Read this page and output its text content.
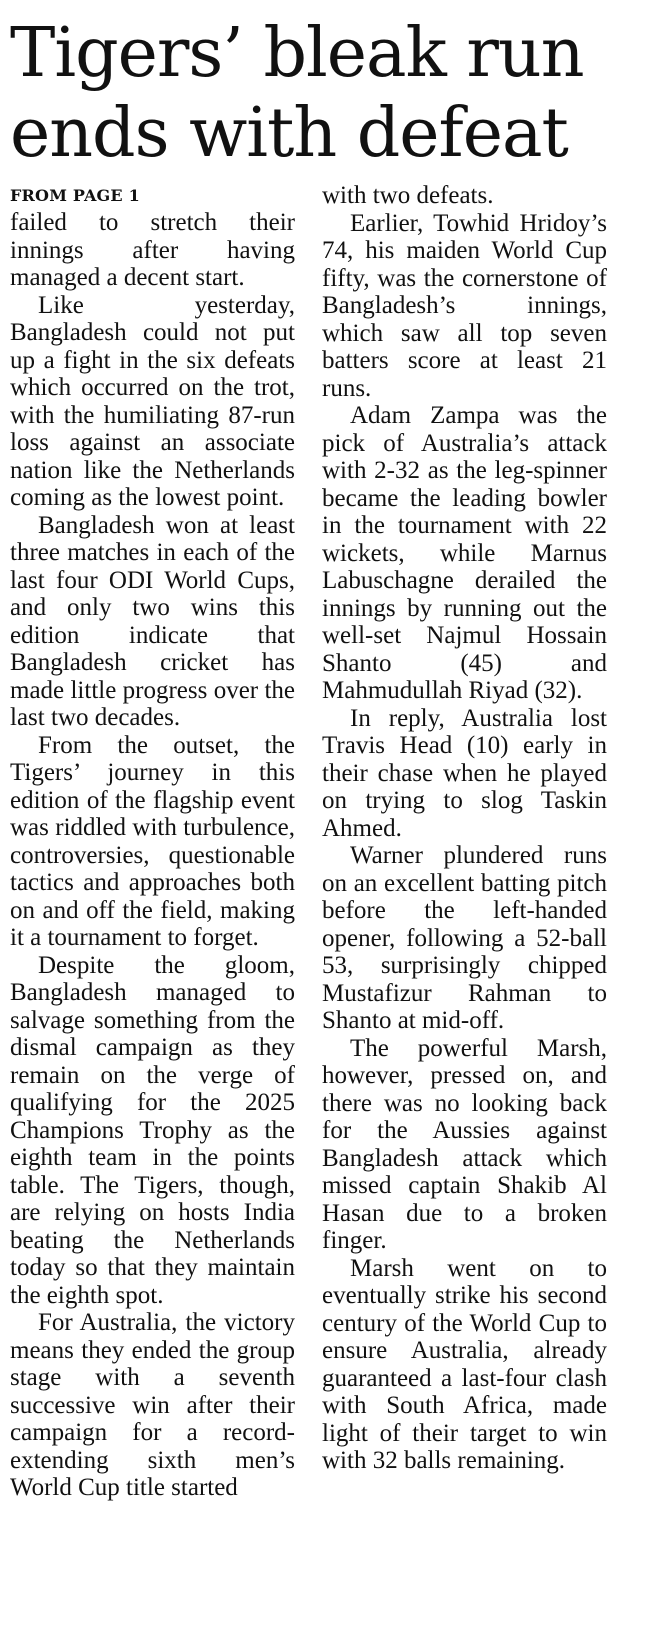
Tigers’ bleak run ends with defeat
FROM PAGE 1

failed to stretch their innings after having managed a decent start.

Like yesterday, Bangladesh could not put up a fight in the six defeats which occurred on the trot, with the humiliating 87-run loss against an associate nation like the Netherlands coming as the lowest point.

Bangladesh won at least three matches in each of the last four ODI World Cups, and only two wins this edition indicate that Bangladesh cricket has made little progress over the last two decades.

From the outset, the Tigers’ journey in this edition of the flagship event was riddled with turbulence, controversies, questionable tactics and approaches both on and off the field, making it a tournament to forget.

Despite the gloom, Bangladesh managed to salvage something from the dismal campaign as they remain on the verge of qualifying for the 2025 Champions Trophy as the eighth team in the points table. The Tigers, though, are relying on hosts India beating the Netherlands today so that they maintain the eighth spot.

For Australia, the victory means they ended the group stage with a seventh successive win after their campaign for a record-extending sixth men’s World Cup title started

with two defeats.

Earlier, Towhid Hridoy’s 74, his maiden World Cup fifty, was the cornerstone of Bangladesh’s innings, which saw all top seven batters score at least 21 runs.

Adam Zampa was the pick of Australia’s attack with 2-32 as the leg-spinner became the leading bowler in the tournament with 22 wickets, while Marnus Labuschagne derailed the innings by running out the well-set Najmul Hossain Shanto (45) and Mahmudullah Riyad (32).

In reply, Australia lost Travis Head (10) early in their chase when he played on trying to slog Taskin Ahmed.

Warner plundered runs on an excellent batting pitch before the left-handed opener, following a 52-ball 53, surprisingly chipped Mustafizur Rahman to Shanto at mid-off.

The powerful Marsh, however, pressed on, and there was no looking back for the Aussies against Bangladesh attack which missed captain Shakib Al Hasan due to a broken finger.

Marsh went on to eventually strike his second century of the World Cup to ensure Australia, already guaranteed a last-four clash with South Africa, made light of their target to win with 32 balls remaining.
